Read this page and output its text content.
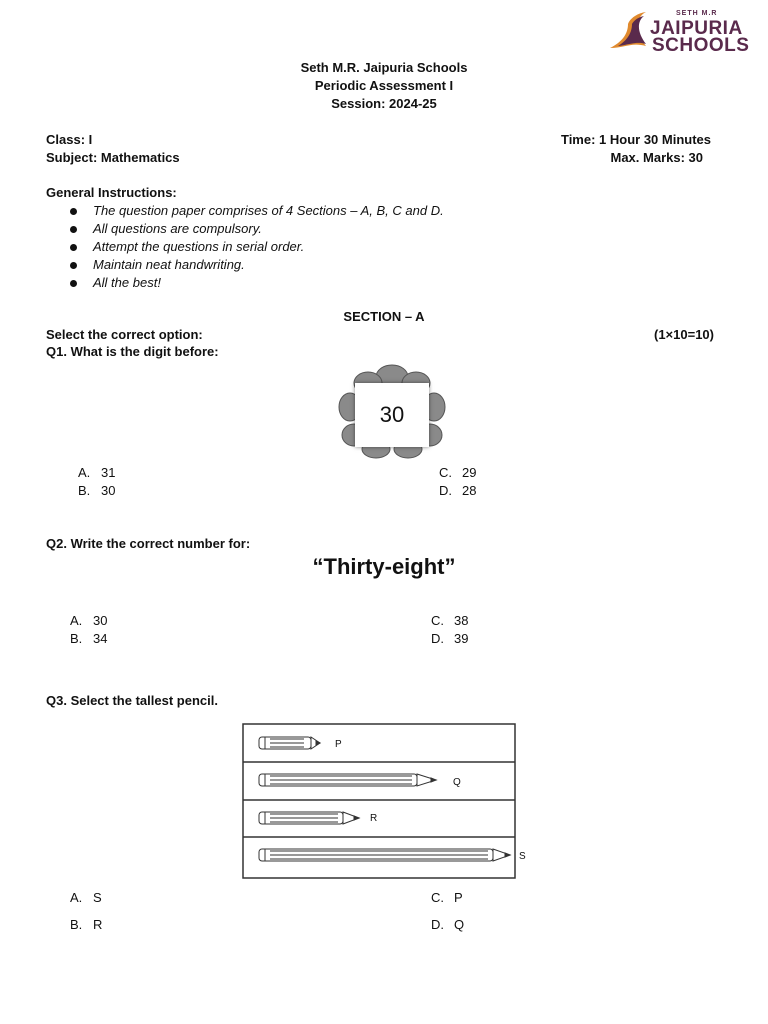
SETH M.R
JAIPURIA
SCHOOLS
Seth M.R. Jaipuria Schools
Periodic Assessment I
Session: 2024-25
Class: I
Subject: Mathematics
Time: 1 Hour 30 Minutes
Max. Marks: 30
General Instructions:
The question paper comprises of 4 Sections – A, B, C and D.
All questions are compulsory.
Attempt the questions in serial order.
Maintain neat handwriting.
All the best!
SECTION – A
Select the correct option:	(1×10=10)
Q1. What is the digit before:
30
A. 31
B. 30
C. 29
D. 28
Q2. Write the correct number for:
“Thirty-eight”
A. 30
B. 34
C. 38
D. 39
Q3. Select the tallest pencil.
P
Q
R
S
A. S
B. R
C. P
D. Q
